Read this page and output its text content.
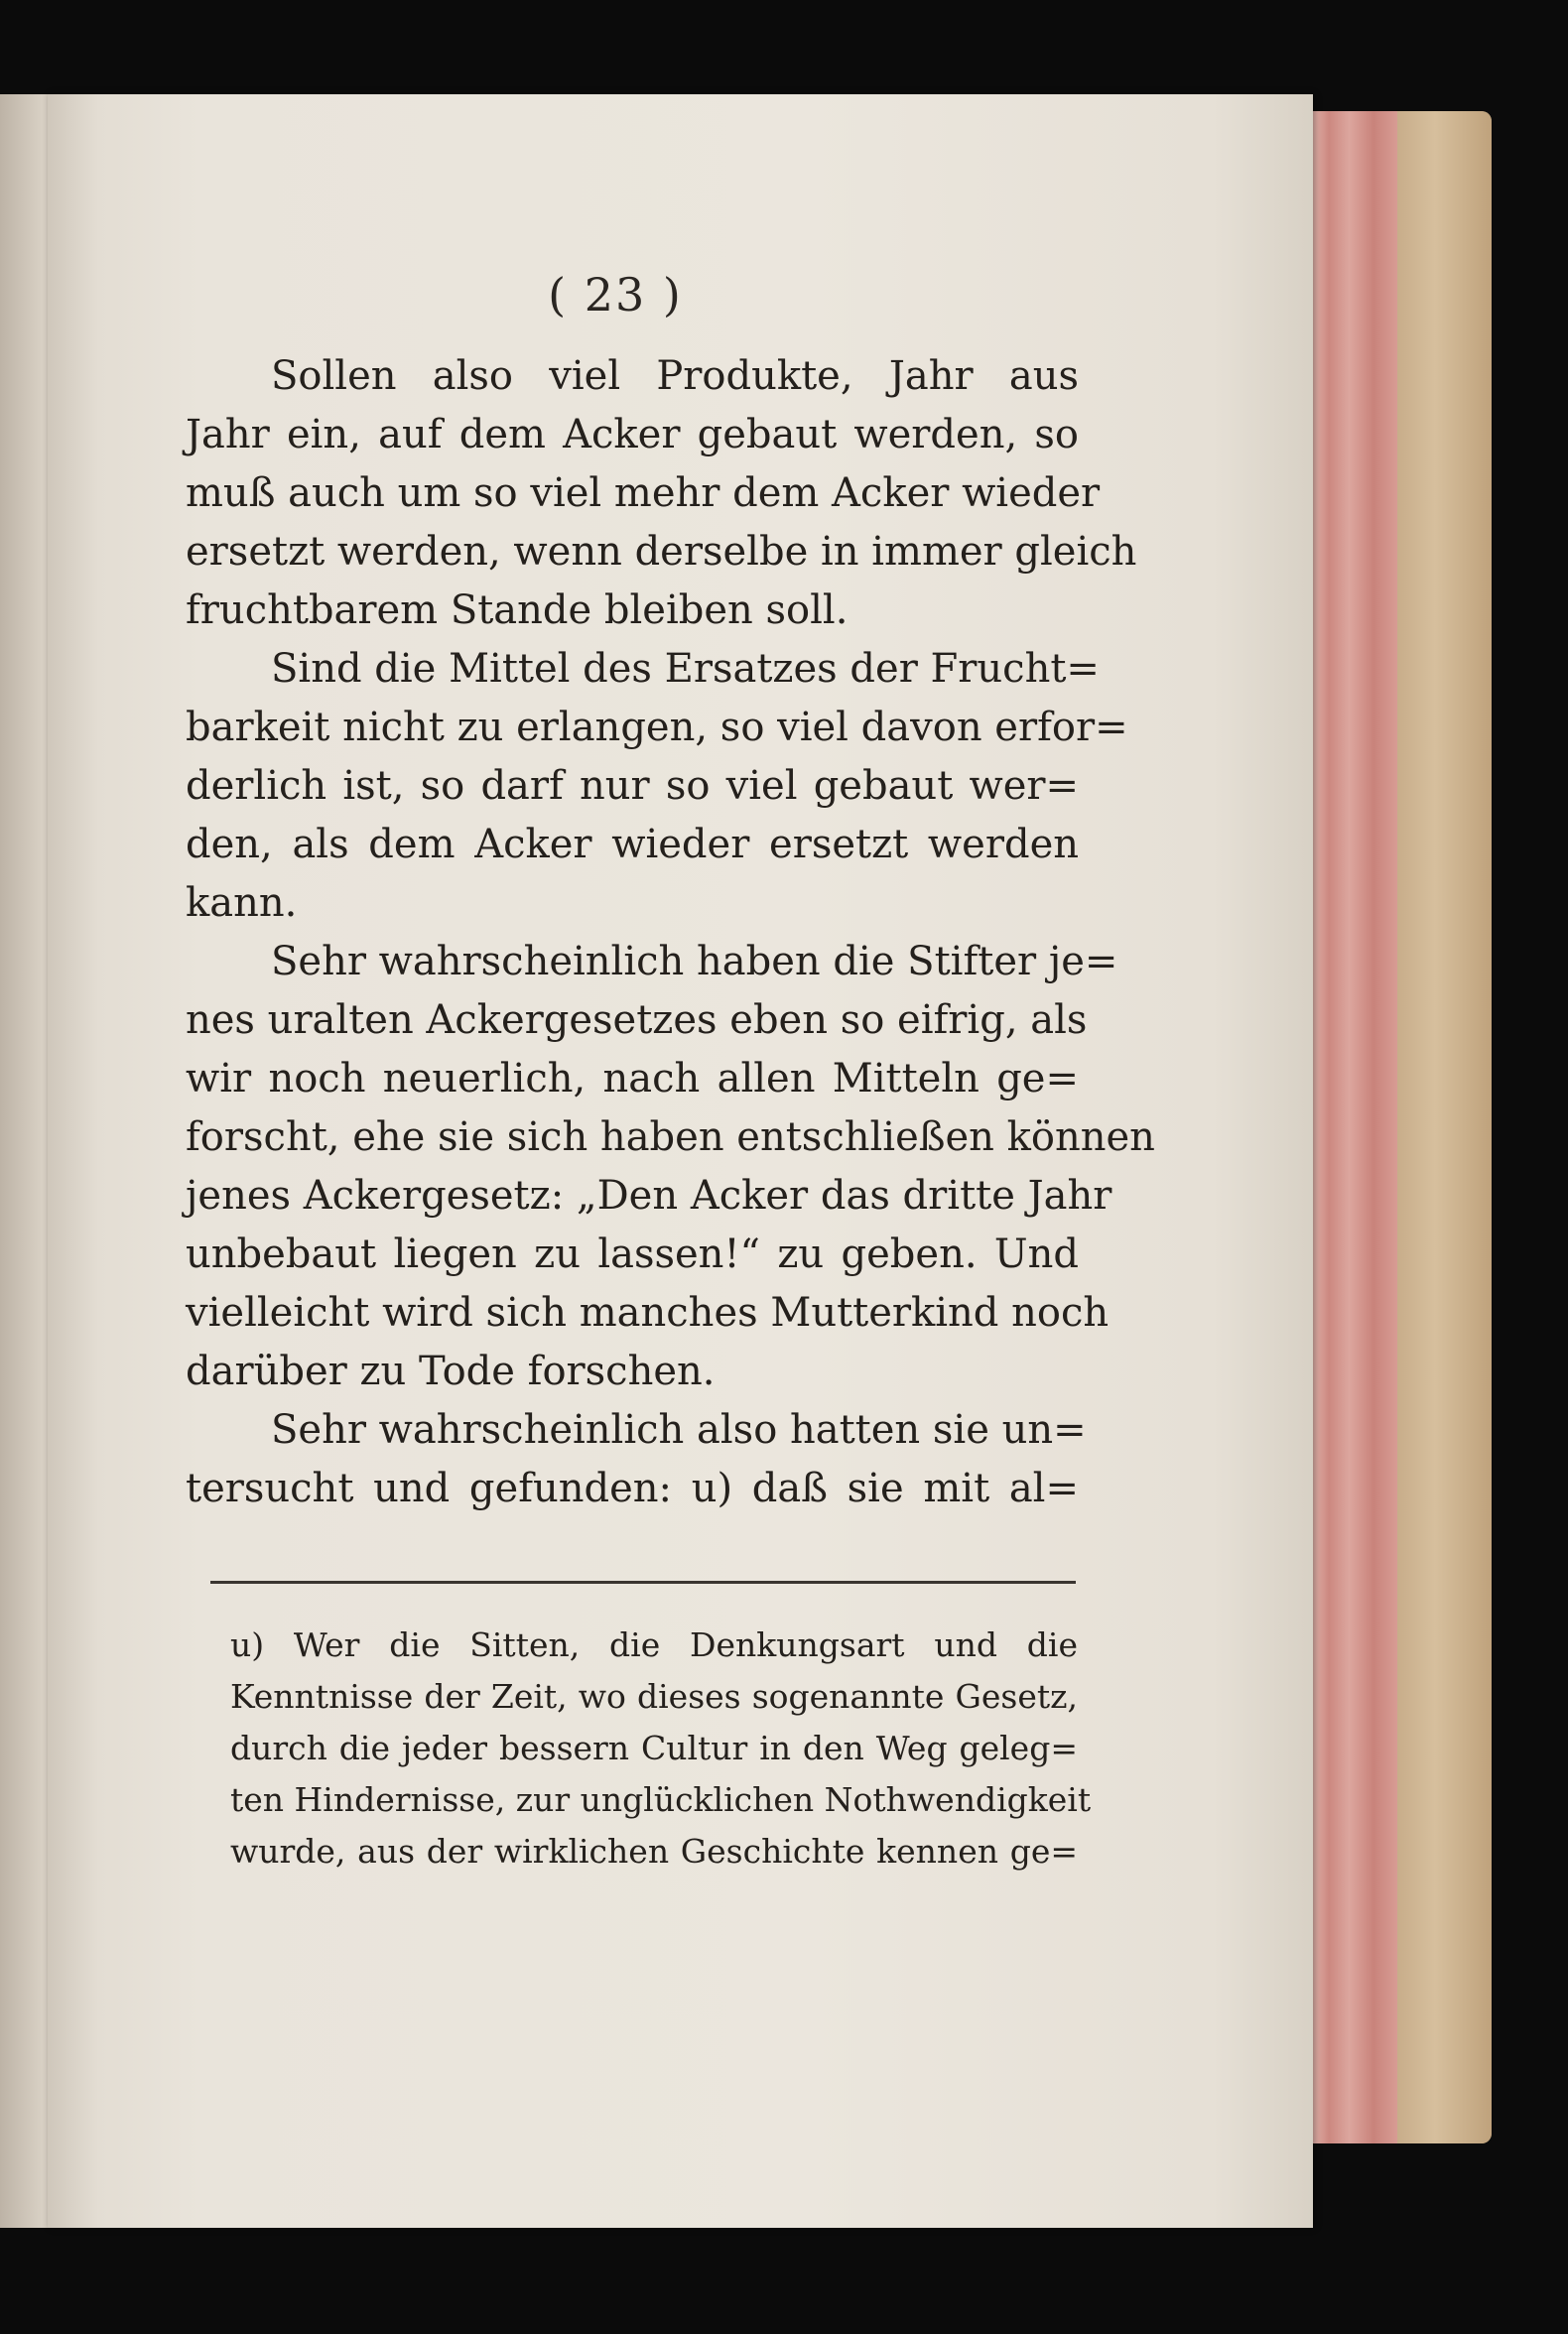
( 23 )
Sollen also viel Produkte, Jahr aus
Jahr ein, auf dem Acker gebaut werden, so
muß auch um so viel mehr dem Acker wieder
ersetzt werden, wenn derselbe in immer gleich
fruchtbarem Stande bleiben soll.
Sind die Mittel des Ersatzes der Frucht=
barkeit nicht zu erlangen, so viel davon erfor=
derlich ist, so darf nur so viel gebaut wer=
den, als dem Acker wieder ersetzt werden
kann.
Sehr wahrscheinlich haben die Stifter je=
nes uralten Ackergesetzes eben so eifrig, als
wir noch neuerlich, nach allen Mitteln ge=
forscht, ehe sie sich haben entschließen können
jenes Ackergesetz: „Den Acker das dritte Jahr
unbebaut liegen zu lassen!“ zu geben. Und
vielleicht wird sich manches Mutterkind noch
darüber zu Tode forschen.
Sehr wahrscheinlich also hatten sie un=
tersucht und gefunden: u) daß sie mit al=
u) Wer die Sitten, die Denkungsart und die
Kenntnisse der Zeit, wo dieses sogenannte Gesetz,
durch die jeder bessern Cultur in den Weg geleg=
ten Hindernisse, zur unglücklichen Nothwendigkeit
wurde, aus der wirklichen Geschichte kennen ge=
